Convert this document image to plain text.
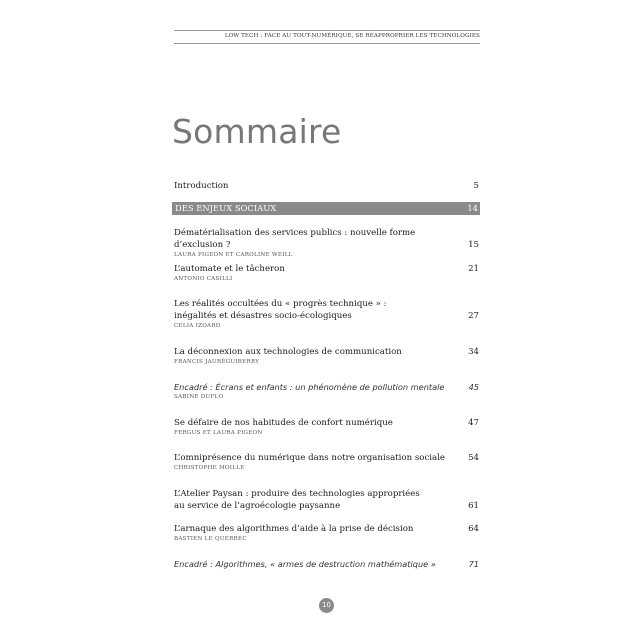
LOW TECH : FACE AU TOUT-NUMÉRIQUE, SE RÉAPPROPRIER LES TECHNOLOGIES
Sommaire
Introduction	5
DES ENJEUX SOCIAUX	14
Dématérialisation des services publics : nouvelle forme d’exclusion ?	15
LAURA PIGEON ET CAROLINE WEILL
L’automate et le tâcheron	21
ANTONIO CASILLI
Les réalités occultées du « progrès technique » :
inégalités et désastres socio-écologiques	27
CELIA IZOARD
La déconnexion aux technologies de communication	34
FRANCIS JAURÉGUIBERRY
Encadré : Écrans et enfants : un phénomène de pollution mentale	45
SABINE DUFLO
Se défaire de nos habitudes de confort numérique	47
FERGUS ET LAURA PIGEON
L’omniprésence du numérique dans notre organisation sociale	54
CHRISTOPHE MOILLE
L’Atelier Paysan : produire des technologies appropriées
au service de l’agroécologie paysanne	61
L’arnaque des algorithmes d’aide à la prise de décision	64
BASTIEN LE QUERREC
Encadré : Algorithmes, « armes de destruction mathématique »	71
10
